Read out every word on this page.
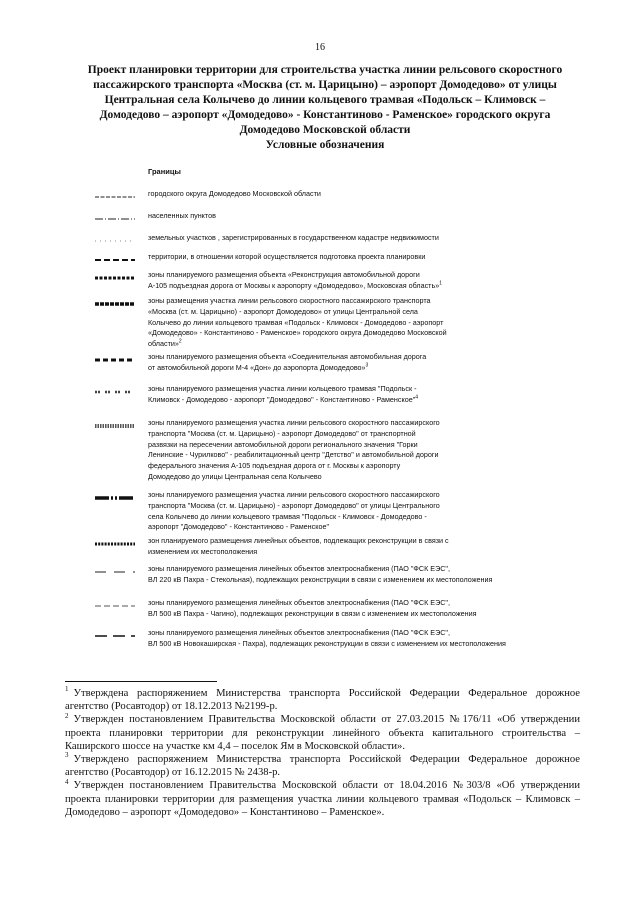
16
Проект планировки территории для строительства участка линии рельсового скоростного
пассажирского транспорта «Москва (ст. м. Царицыно) – аэропорт Домодедово» от улицы
Центральная села Колычево до линии кольцевого трамвая «Подольск – Климовск –
Домодедово – аэропорт «Домодедово» - Константиново - Раменское» городского округа
Домодедово Московской области
Условные обозначения
Границы
городского округа Домодедово Московской области
населенных пунктов
земельных участков , зарегистрированных в государственном кадастре недвижимости
территории, в отношении которой осуществляется подготовка проекта планировки
зоны планируемого размещения объекта «Реконструкция автомобильной дороги
А-105 подъездная дорога от Москвы к аэропорту «Домодедово», Московская область»$^1$
зоны размещения участка линии рельсового скоростного пассажирского транспорта
«Москва (ст. м. Царицыно) - аэропорт Домодедово» от улицы Центральной села
Колычево до линии кольцевого трамвая «Подольск - Климовск - Домодедово - аэропорт
«Домодедово» - Константиново - Раменское» городского округа Домодедово Московской
области»$^2$
зоны планируемого размещения объекта «Соединительная автомобильная дорога
от автомобильной дороги М-4 «Дон» до аэропорта Домодедово»$^3$
зоны планируемого размещения участка линии кольцевого трамвая "Подольск -
Климовск - Домодедово - аэропорт "Домодедово" - Константиново - Раменское"$^4$
зоны планируемого размещения участка линии рельсового скоростного пассажирского
транспорта "Москва (ст. м. Царицыно) - аэропорт Домодедово" от транспортной
развязки на пересечении автомобильной дороги регионального значения "Горки
Ленинские - Чурилково" - реабилитационный центр "Детство" и автомобильной дороги
федерального значения А-105 подъездная дорога от г. Москвы к аэропорту
Домодедово до улицы Центральная села Колычево
зоны планируемого размещения участка линии рельсового скоростного пассажирского
транспорта "Москва (ст. м. Царицыно) - аэропорт Домодедово" от улицы Центрального
села Колычево до линии кольцевого трамвая "Подольск - Климовск - Домодедово -
аэропорт "Домодедово" - Константиново - Раменское"
зон планируемого размещения линейных объектов, подлежащих реконструкции в связи с
изменением их местоположения
зоны планируемого размещения линейных объектов электроснабжения (ПАО "ФСК ЕЭС",
ВЛ 220 кВ Пахра - Стекольная), подлежащих реконструкции в связи с изменением их местоположения
зоны планируемого размещения линейных объектов электроснабжения (ПАО "ФСК ЕЭС",
ВЛ 500 кВ Пахра - Чагино), подлежащих реконструкции в связи с изменением их местоположения
зоны планируемого размещения линейных объектов электроснабжения (ПАО "ФСК ЕЭС",
ВЛ 500 кВ Новокаширская - Пахра), подлежащих реконструкции в связи с изменением их местоположения
$^1$ Утверждена распоряжением Министерства транспорта Российской Федерации Федеральное дорожное агентство (Росавтодор) от 18.12.2013 №2199-р.
$^2$ Утвержден постановлением Правительства Московской области от 27.03.2015 №176/11 «Об утверждении проекта планировки территории для реконструкции линейного объекта капитального строительства – Каширского шоссе на участке км 4,4 – поселок Ям в Московской области».
$^3$ Утверждено распоряжением Министерства транспорта Российской Федерации Федеральное дорожное агентство (Росавтодор) от 16.12.2015 № 2438-р.
$^4$ Утвержден постановлением Правительства Московской области от 18.04.2016 №303/8 «Об утверждении проекта планировки территории для размещения участка линии кольцевого трамвая «Подольск – Климовск – Домодедово – аэропорт «Домодедово» – Константиново – Раменское».
